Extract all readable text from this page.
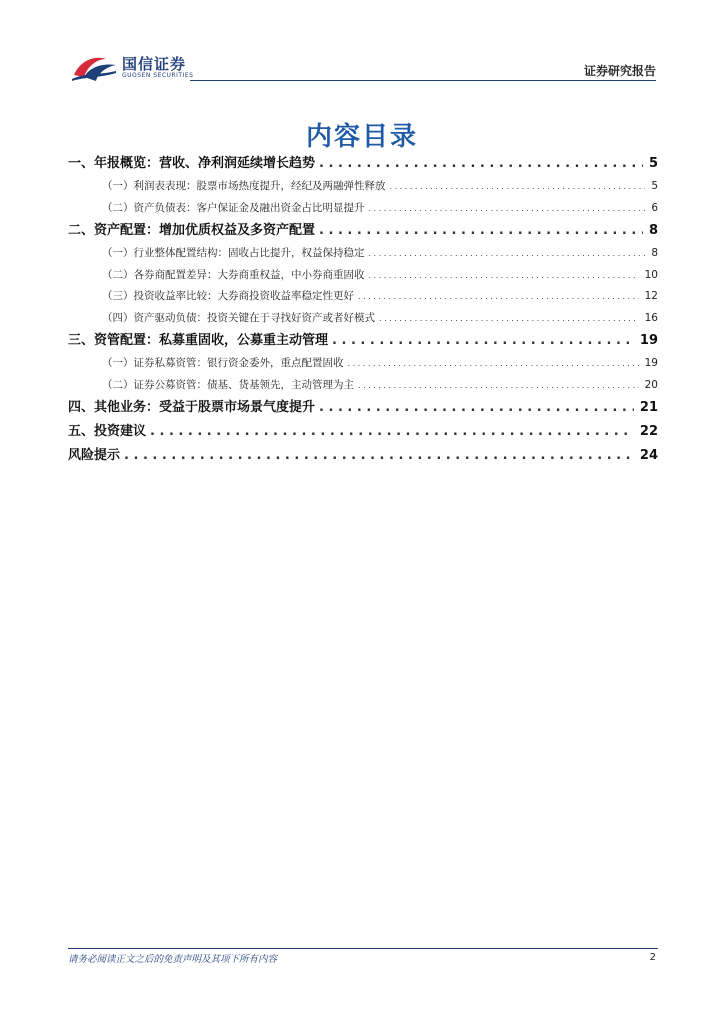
国信证券
GUOSEN SECURITIES	证券研究报告
内容目录
一、年报概览：营收、净利润延续增长趋势 . . .	5
（一）利润表表现：股票市场热度提升，经纪及两融弹性释放 . . .	5
（二）资产负债表：客户保证金及融出资金占比明显提升 . . .	6
二、资产配置：增加优质权益及多资产配置 . . .	8
（一）行业整体配置结构：固收占比提升，权益保持稳定 . . .	8
（二）各券商配置差异：大券商重权益，中小券商重固收 . . .	10
（三）投资收益率比较：大券商投资收益率稳定性更好 . . .	12
（四）资产驱动负债：投资关键在于寻找好资产或者好模式 . . .	16
三、资管配置：私募重固收，公募重主动管理 . . .	19
（一）证券私募资管：银行资金委外，重点配置固收 . . .	19
（二）证券公募资管：债基、货基领先，主动管理为主 . . .	20
四、其他业务：受益于股票市场景气度提升 . . .	21
五、投资建议 . . .	22
风险提示 . . .	24
请务必阅读正文之后的免责声明及其项下所有内容	2
